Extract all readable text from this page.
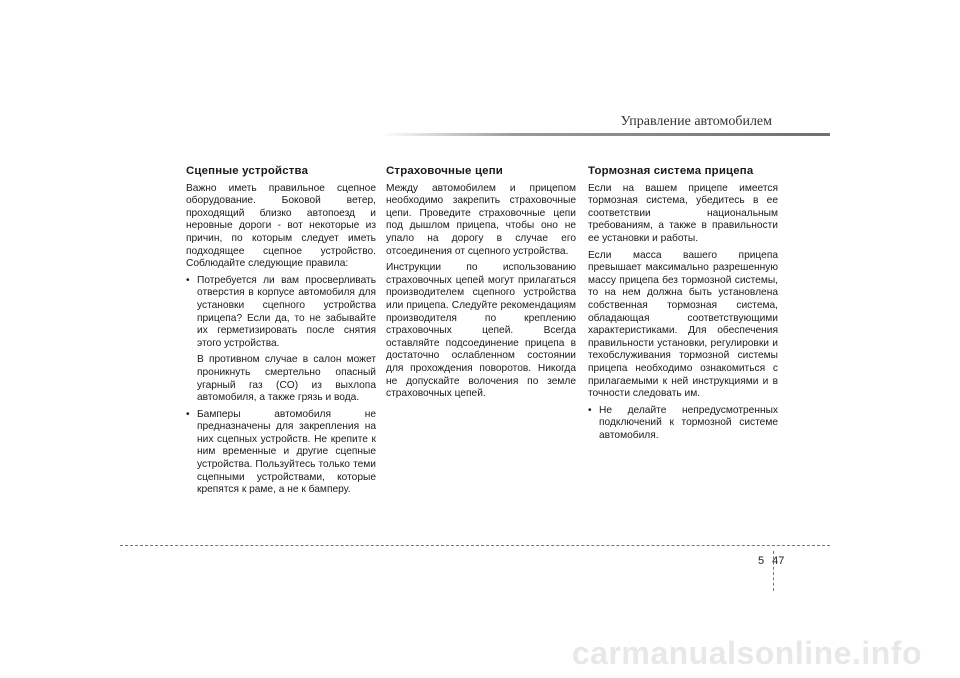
Управление автомобилем
Сцепные устройства

Важно иметь правильное сцепное оборудование. Боковой ветер, проходящий близко автопоезд и неровные дороги - вот некоторые из причин, по которым следует иметь подходящее сцепное устройство. Соблюдайте следующие правила:

• Потребуется ли вам просверливать отверстия в корпусе автомобиля для установки сцепного устройства прицепа? Если да, то не забывайте их герметизировать после снятия этого устройства.

В противном случае в салон может проникнуть смертельно опасный угарный газ (CO) из выхлопа автомобиля, а также грязь и вода.

• Бамперы автомобиля не предназначены для закрепления на них сцепных устройств. Не крепите к ним временные и другие сцепные устройства. Пользуйтесь только теми сцепными устройствами, которые крепятся к раме, а не к бамперу.
Страховочные цепи

Между автомобилем и прицепом необходимо закрепить страховочные цепи. Проведите страховочные цепи под дышлом прицепа, чтобы оно не упало на дорогу в случае его отсоединения от сцепного устройства.

Инструкции по использованию страховочных цепей могут прилагаться производителем сцепного устройства или прицепа. Следуйте рекомендациям производителя по креплению страховочных цепей. Всегда оставляйте подсоединение прицепа в достаточно ослабленном состоянии для прохождения поворотов. Никогда не допускайте волочения по земле страховочных цепей.

Тормозная система прицепа

Если на вашем прицепе имеется тормозная система, убедитесь в ее соответствии национальным требованиям, а также в правильности ее установки и работы.

Если масса вашего прицепа превышает максимально разрешенную массу прицепа без тормозной системы, то на нем должна быть установлена собственная тормозная система, обладающая соответствующими характеристиками. Для обеспечения правильности установки, регулировки и техобслуживания тормозной системы прицепа необходимо ознакомиться с прилагаемыми к ней инструкциями и в точности следовать им.

• Не делайте непредусмотренных подключений к тормозной системе автомобиля.
5 47
carmanualsonline.info
